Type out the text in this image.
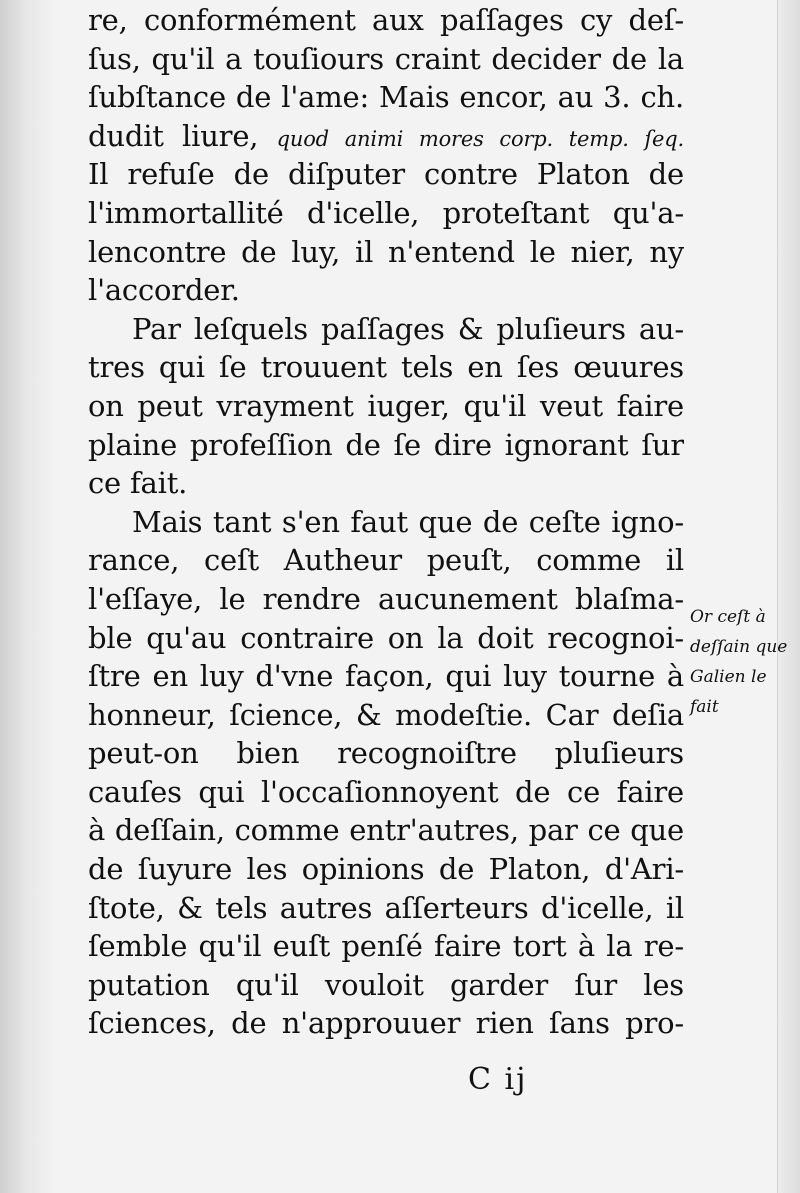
re, conformément aux paſſages cy deſ-
ſus, qu'il a touſiours craint decider de la
ſubſtance de l'ame: Mais encor, au 3. ch.
dudit liure, quod animi mores corp. temp. ſeq.
Il refuſe de diſputer contre Platon de
l'immortallité d'icelle, proteſtant qu'a-
lencontre de luy, il n'entend le nier, ny
l'accorder.
Par leſquels paſſages & pluſieurs au-
tres qui ſe trouuent tels en ſes œuures
on peut vrayment iuger, qu'il veut faire
plaine profeſſion de ſe dire ignorant ſur
ce fait.
Mais tant s'en faut que de ceſte igno-
rance, ceſt Autheur peuſt, comme il
l'eſſaye, le rendre aucunement blaſma-
ble qu'au contraire on la doit recognoi-
ſtre en luy d'vne façon, qui luy tourne à
honneur, ſcience, & modeſtie. Car deſia
peut-on bien recognoiſtre pluſieurs
cauſes qui l'occaſionnoyent de ce faire
à deſſain, comme entr'autres, par ce que
de ſuyure les opinions de Platon, d'Ari-
ſtote, & tels autres aſſerteurs d'icelle, il
ſemble qu'il euſt penſé faire tort à la re-
putation qu'il vouloit garder ſur les
ſciences, de n'approuuer rien ſans pro-
Or ceſt à
deſſain que
Galien le
fait
C ij
